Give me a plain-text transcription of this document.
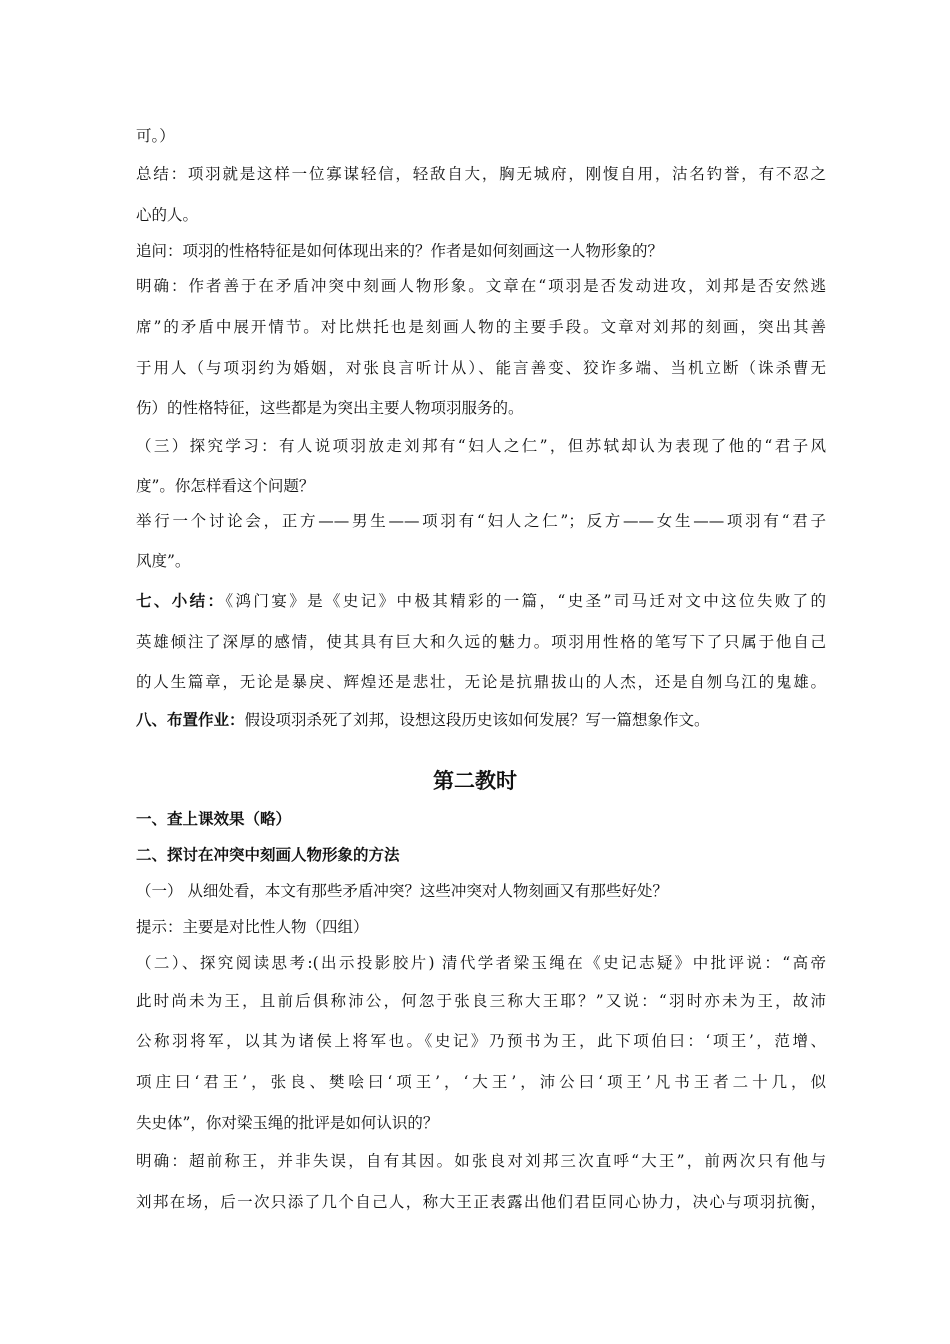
可。）
总结：项羽就是这样一位寡谋轻信，轻敌自大，胸无城府，刚愎自用，沽名钓誉，有不忍之
心的人。
追问：项羽的性格特征是如何体现出来的？作者是如何刻画这一人物形象的？
明确：作者善于在矛盾冲突中刻画人物形象。文章在“项羽是否发动进攻，刘邦是否安然逃
席”的矛盾中展开情节。对比烘托也是刻画人物的主要手段。文章对刘邦的刻画，突出其善
于用人（与项羽约为婚姻，对张良言听计从）、能言善变、狡诈多端、当机立断（诛杀曹无
伤）的性格特征，这些都是为突出主要人物项羽服务的。
（三）探究学习：有人说项羽放走刘邦有“妇人之仁”，但苏轼却认为表现了他的“君子风
度”。你怎样看这个问题？
举行一个讨论会，正方——男生——项羽有“妇人之仁”；反方——女生——项羽有“君子
风度”。
七、小结：《鸿门宴》是《史记》中极其精彩的一篇，“史圣”司马迁对文中这位失败了的
英雄倾注了深厚的感情，使其具有巨大和久远的魅力。项羽用性格的笔写下了只属于他自己
的人生篇章，无论是暴戾、辉煌还是悲壮，无论是抗鼎拔山的人杰，还是自刎乌江的鬼雄。
八、布置作业：假设项羽杀死了刘邦，设想这段历史该如何发展？写一篇想象作文。
第二教时
一、查上课效果（略）
二、探讨在冲突中刻画人物形象的方法
（一） 从细处看，本文有那些矛盾冲突？这些冲突对人物刻画又有那些好处？
提示：主要是对比性人物（四组）
（二）、探究阅读思考:(出示投影胶片) 清代学者梁玉绳在《史记志疑》中批评说：“高帝
此时尚未为王，且前后俱称沛公，何忽于张良三称大王耶？”又说：“羽时亦未为王，故沛
公称羽将军，以其为诸侯上将军也。《史记》乃预书为王，此下项伯曰：‘项王’，范增、
项庄曰‘君王’，张良、樊哙曰‘项王’，‘大王’，沛公曰‘项王’凡书王者二十几，似
失史体”，你对梁玉绳的批评是如何认识的？
明确：超前称王，并非失误，自有其因。如张良对刘邦三次直呼“大王”，前两次只有他与
刘邦在场，后一次只添了几个自己人，称大王正表露出他们君臣同心协力，决心与项羽抗衡，
